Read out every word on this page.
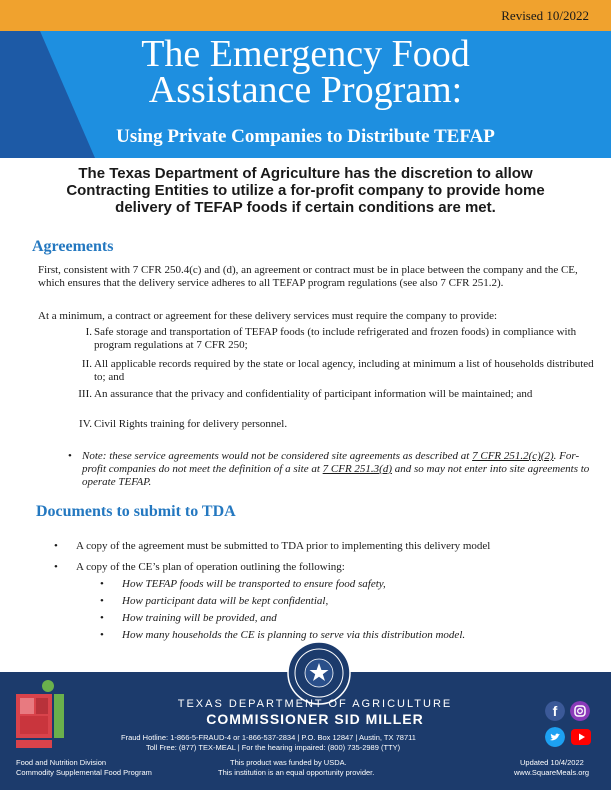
Revised 10/2022
The Emergency Food
Assistance Program:
Using Private Companies to Distribute TEFAP
The Texas Department of Agriculture has the discretion to allow Contracting Entities to utilize a for-profit company to provide home delivery of TEFAP foods if certain conditions are met.
Agreements
First, consistent with 7 CFR 250.4(c) and (d), an agreement or contract must be in place between the company and the CE, which ensures that the delivery service adheres to all TEFAP program regulations (see also 7 CFR 251.2).
At a minimum, a contract or agreement for these delivery services must require the company to provide:
I. Safe storage and transportation of TEFAP foods (to include refrigerated and frozen foods) in compliance with program regulations at 7 CFR 250;
II. All applicable records required by the state or local agency, including at minimum a list of households distributed to; and
III. An assurance that the privacy and confidentiality of participant information will be maintained; and
IV. Civil Rights training for delivery personnel.
• Note: these service agreements would not be considered site agreements as described at 7 CFR 251.2(c)(2). For-profit companies do not meet the definition of a site at 7 CFR 251.3(d) and so may not enter into site agreements to operate TEFAP.
Documents to submit to TDA
• A copy of the agreement must be submitted to TDA prior to implementing this delivery model
• A copy of the CE’s plan of operation outlining the following:
• How TEFAP foods will be transported to ensure food safety,
• How participant data will be kept confidential,
• How training will be provided, and
• How many households the CE is planning to serve via this distribution model.
TEXAS DEPARTMENT OF AGRICULTURE
COMMISSIONER SID MILLER
Fraud Hotline: 1-866-5-FRAUD-4 or 1-866-537-2834 | P.O. Box 12847 | Austin, TX 78711
Toll Free: (877) TEX-MEAL | For the hearing impaired: (800) 735-2989 (TTY)
Food and Nutrition Division
Commodity Supplemental Food Program
This product was funded by USDA.
This institution is an equal opportunity provider.
Updated 10/4/2022
www.SquareMeals.org
f
